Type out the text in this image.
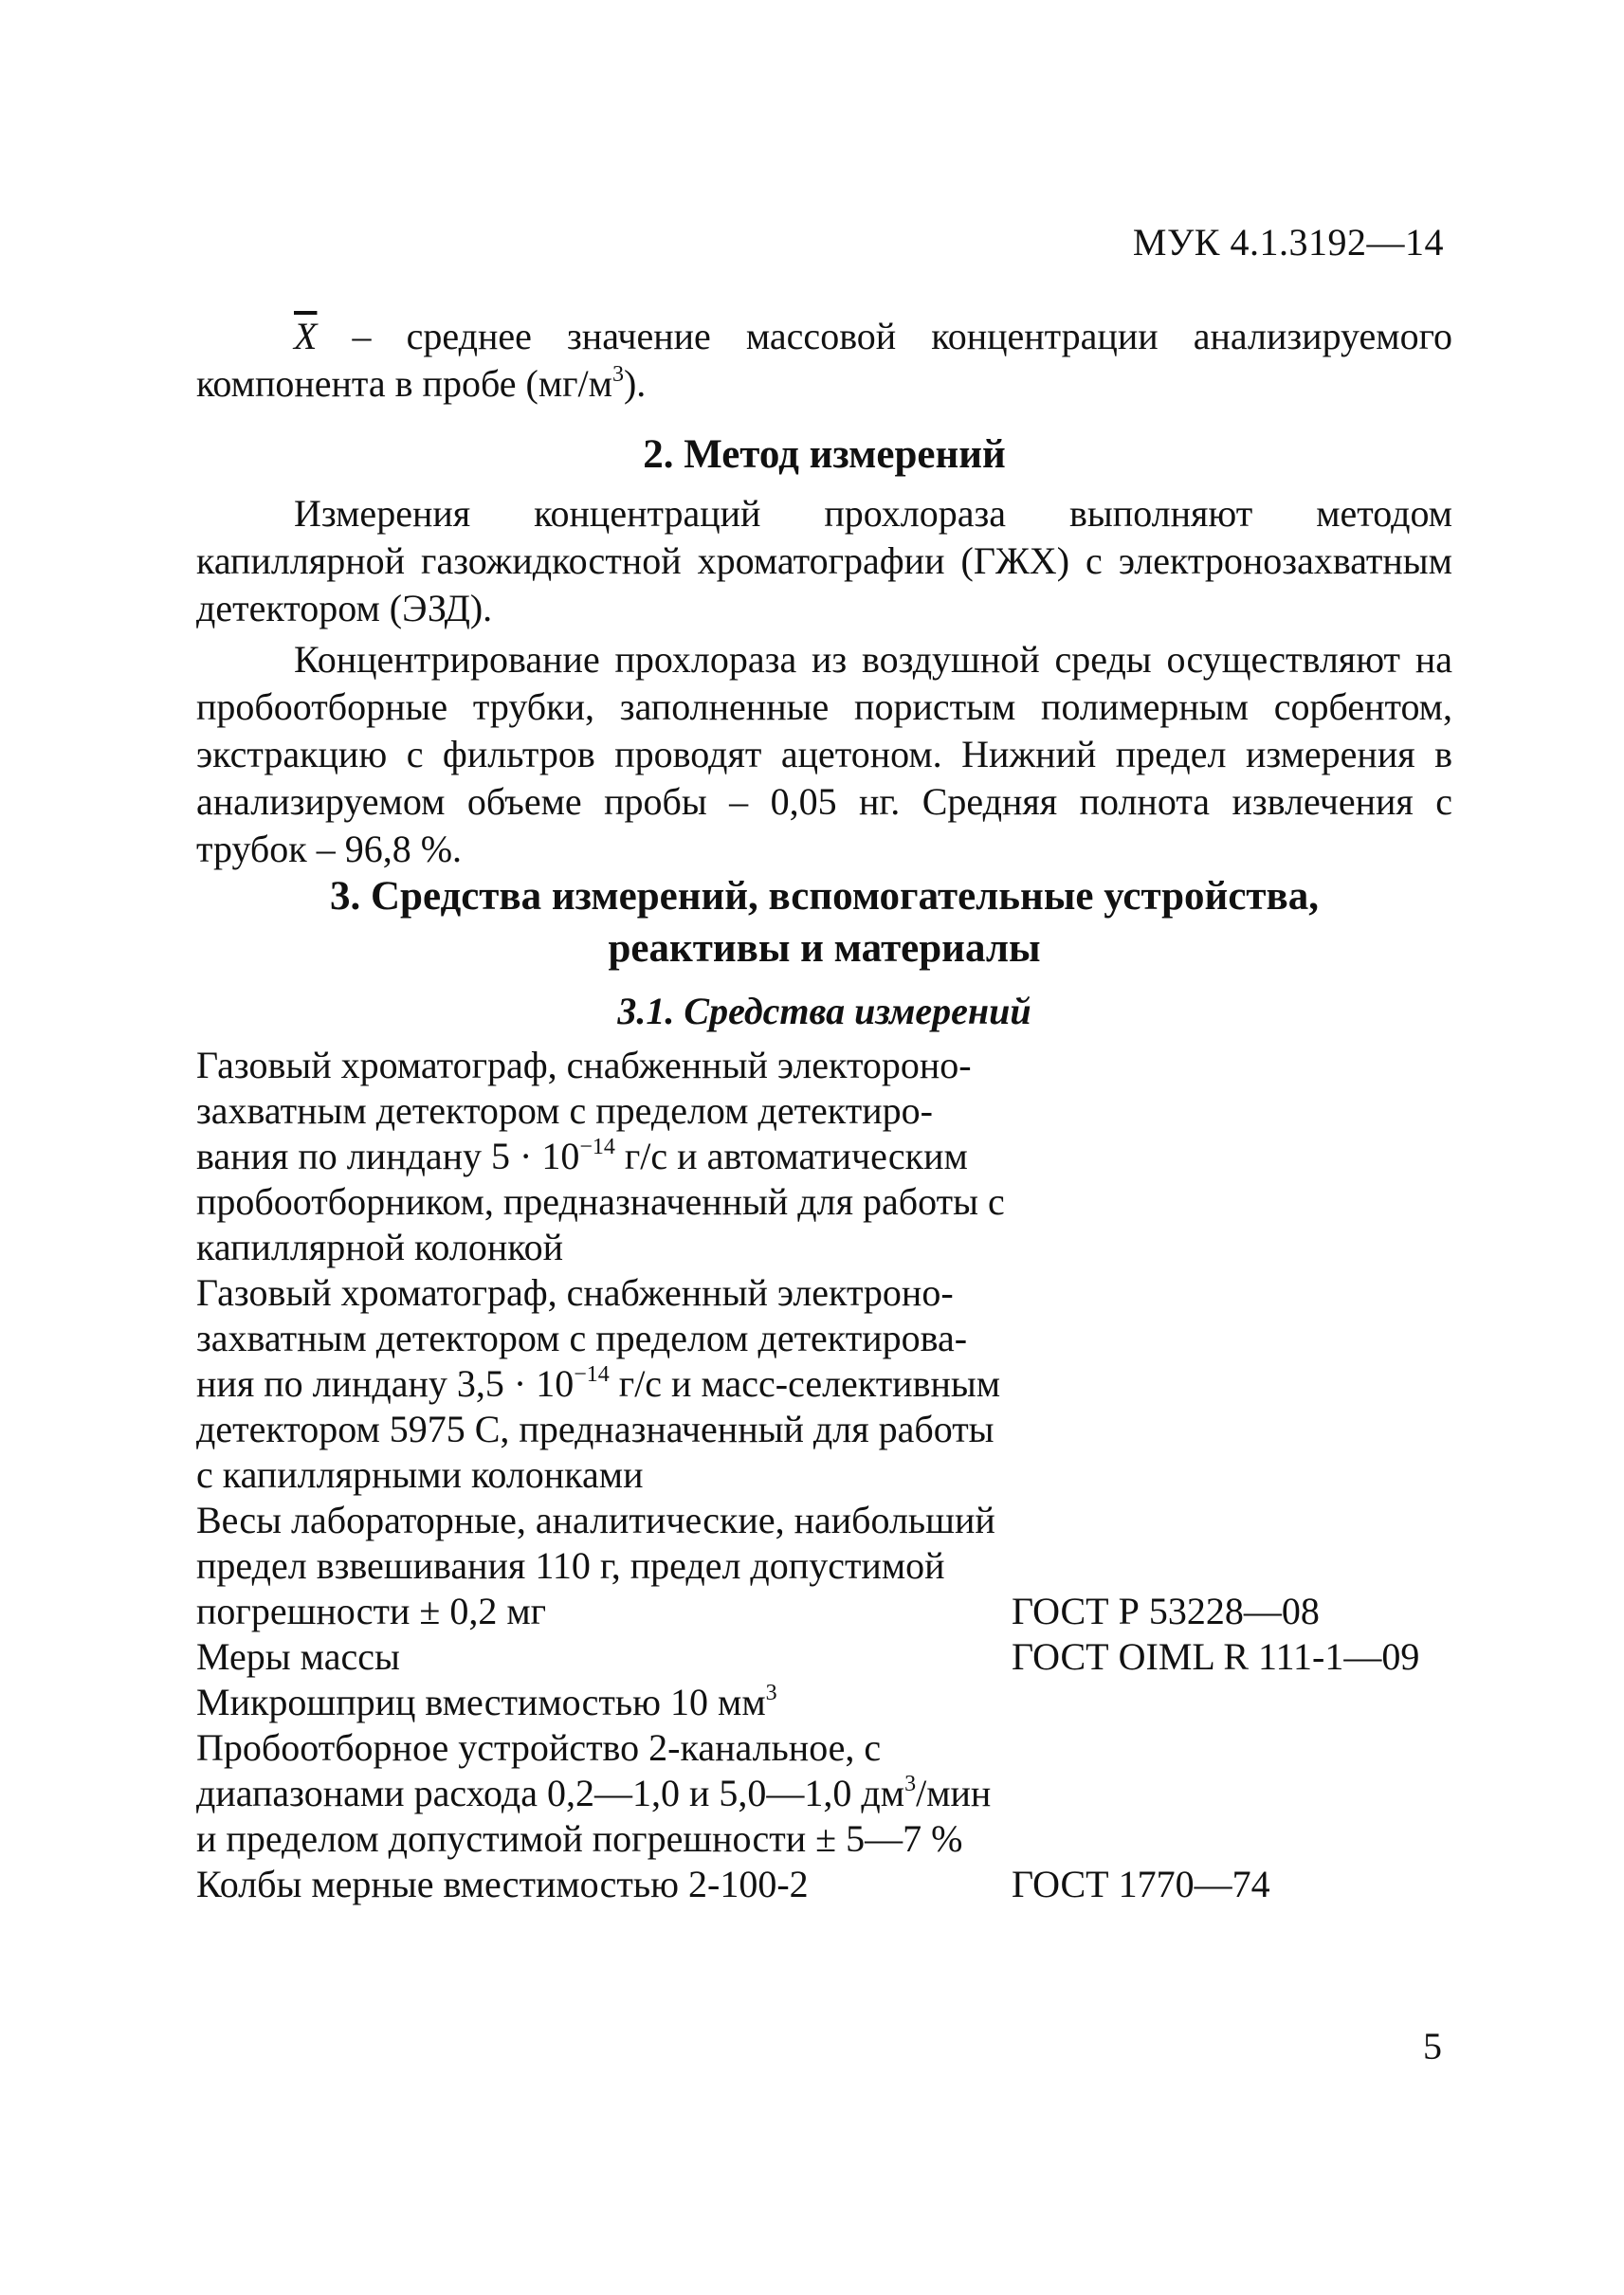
МУК 4.1.3192—14

$\overline{X}$ – среднее значение массовой концентрации анализируемого компонента в пробе $(мг/м^3)$.

2. Метод измерений

Измерения концентраций прохлораза выполняют методом капиллярной газожидкостной хроматографии (ГЖХ) с электронозахватным детектором (ЭЗД).

Концентрирование прохлораза из воздушной среды осуществляют на пробоотборные трубки, заполненные пористым полимерным сорбентом, экстракцию с фильтров проводят ацетоном. Нижний предел измерения в анализируемом объеме пробы – 0,05 нг. Средняя полнота извлечения с трубок – 96,8 %.

3. Средства измерений, вспомогательные устройства,
реактивы и материалы
3.1. Средства измерений

Газовый хроматограф, снабженный электоронозахватным детектором с пределом детектирования по линдану $5 \cdot 10^{-14}$ г/с и автоматическим пробоотборником, предназначенный для работы с капиллярной колонкой

Газовый хроматограф, снабженный электронозахватным детектором с пределом детектирования по линдану $3,5 \cdot 10^{-14}$ г/с и масс-селективным детектором 5975 С, предназначенный для работы с капиллярными колонками

Весы лабораторные, аналитические, наибольший предел взвешивания 110 г, предел допустимой погрешности ± 0,2 мг	ГОСТ Р 53228—08

Меры массы	ГОСТ OIML R 111-1—09

Микрошприц вместимостью 10 $мм^3$

Пробоотборное устройство 2-канальное, с диапазонами расхода 0,2—1,0 и 5,0—1,0 $дм^3$/мин и пределом допустимой погрешности ± 5—7 %

Колбы мерные вместимостью 2-100-2	ГОСТ 1770—74
5
